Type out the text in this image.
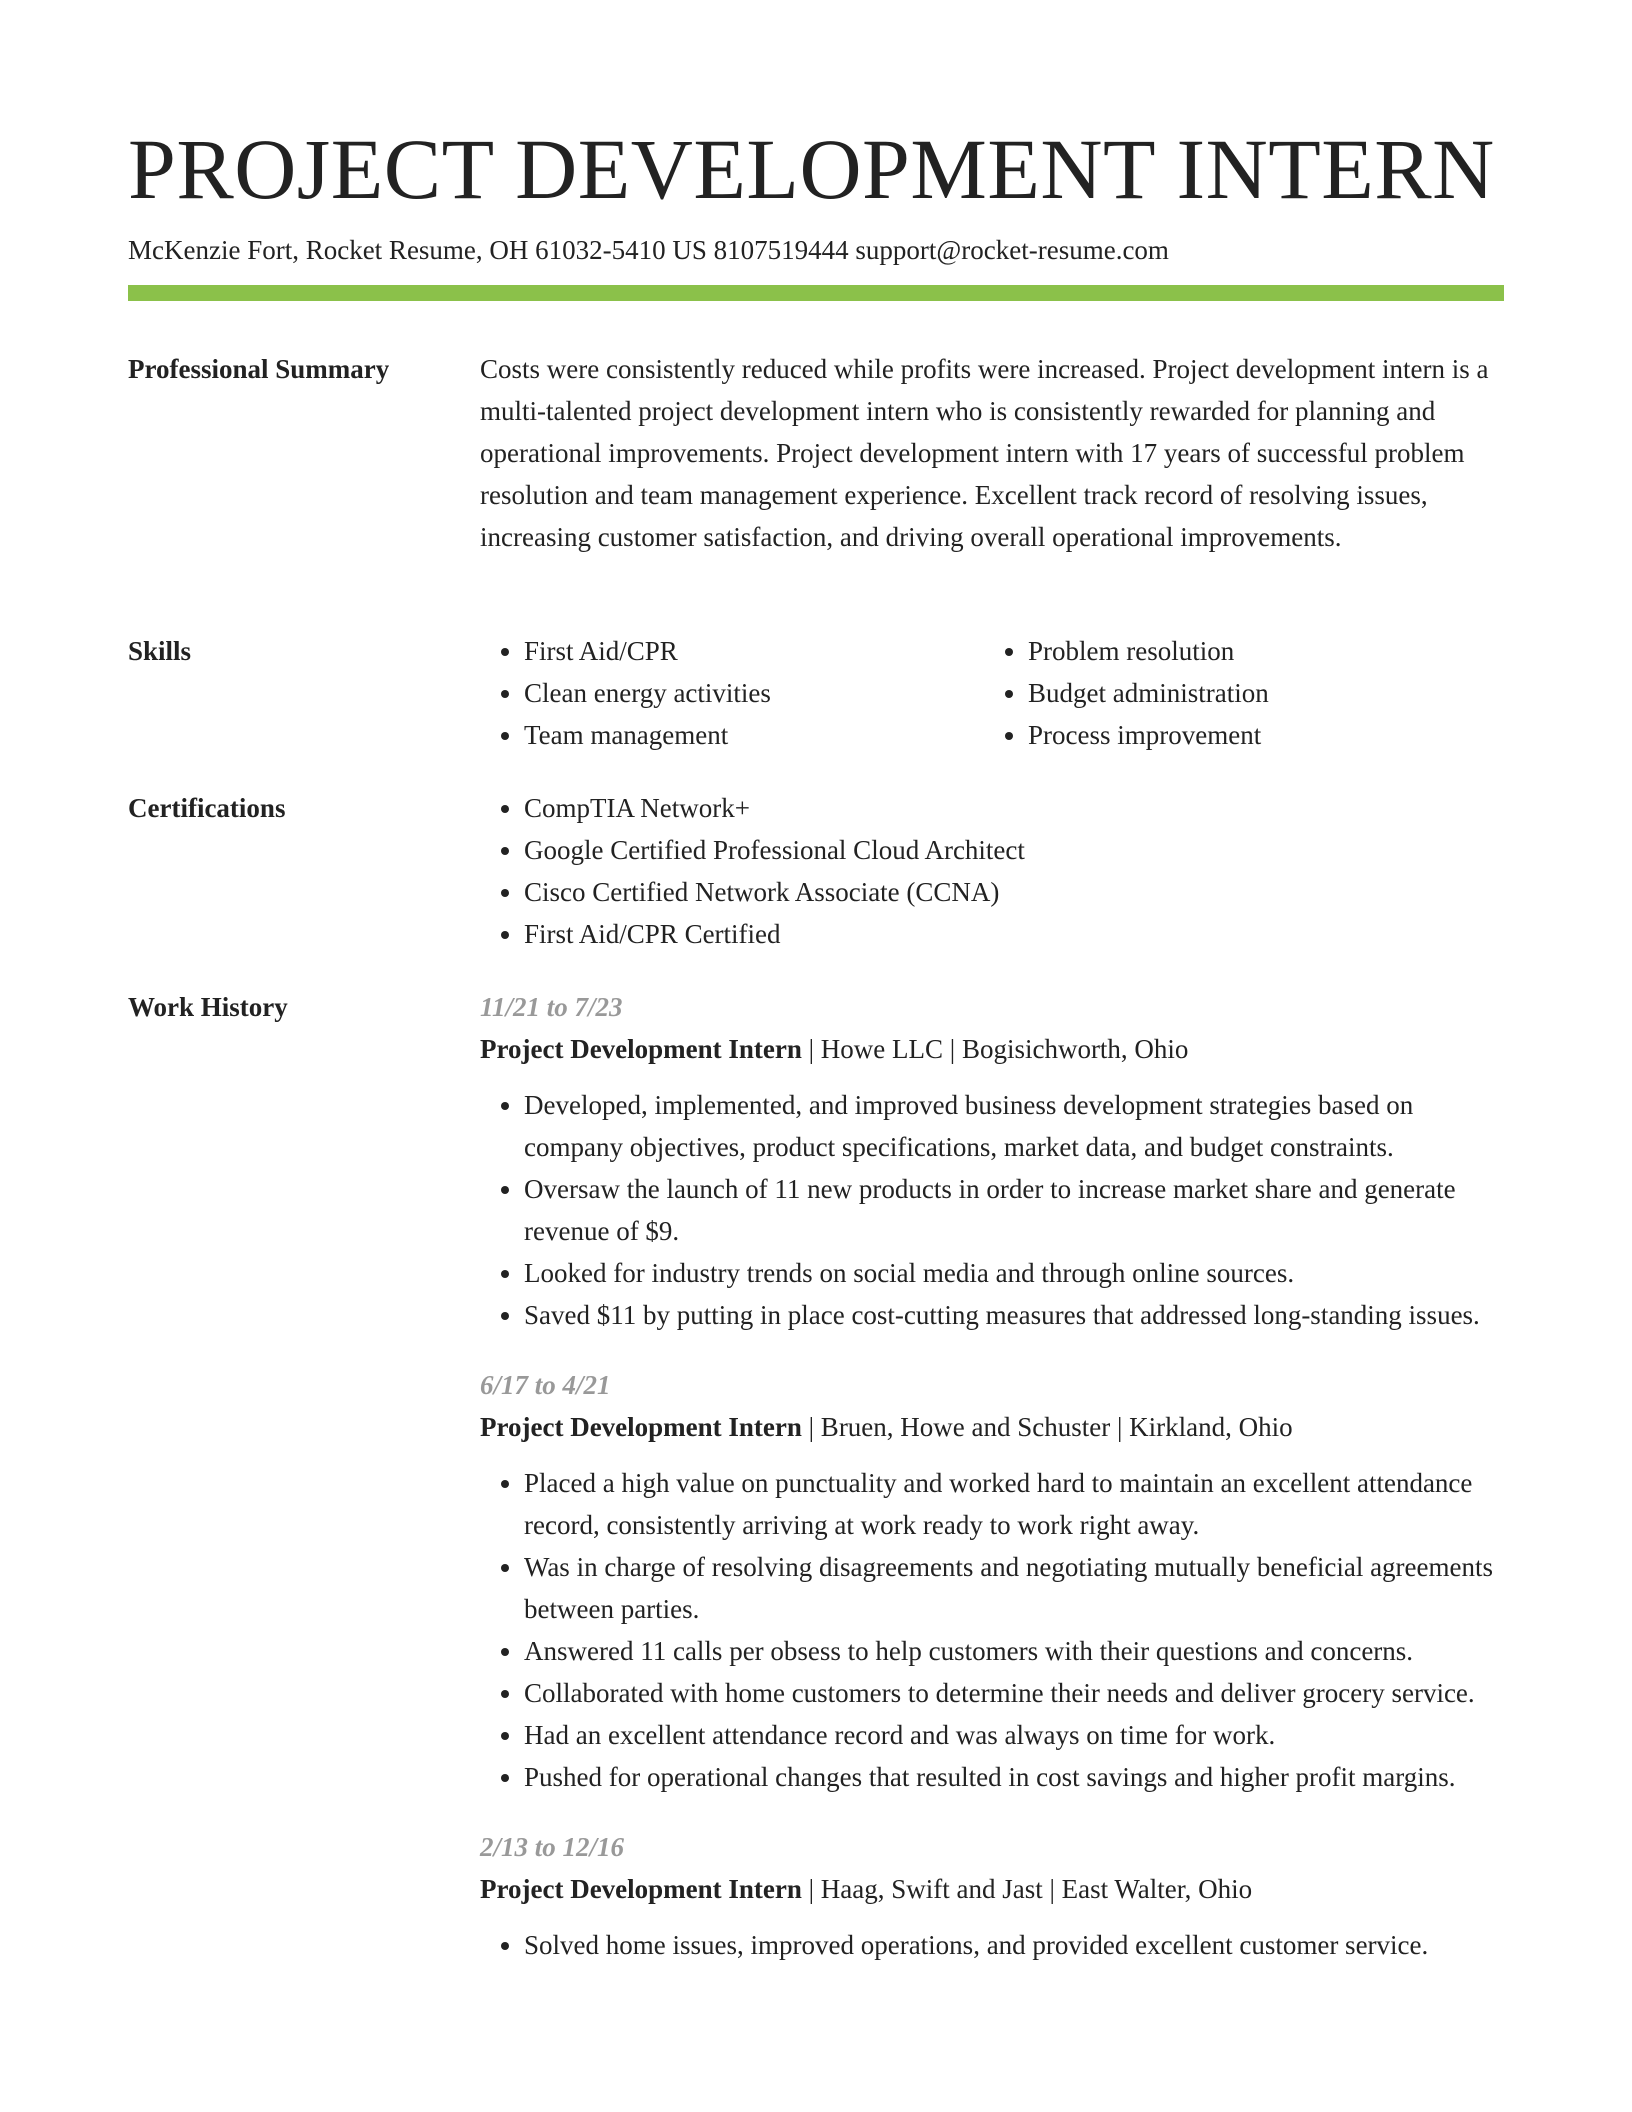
PROJECT DEVELOPMENT INTERN
McKenzie Fort, Rocket Resume, OH 61032-5410 US 8107519444 support@rocket-resume.com
Professional Summary	Costs were consistently reduced while profits were increased. Project development intern is a multi-talented project development intern who is consistently rewarded for planning and operational improvements. Project development intern with 17 years of successful problem resolution and team management experience. Excellent track record of resolving issues, increasing customer satisfaction, and driving overall operational improvements.

Skills	• First Aid/CPR
• Clean energy activities
• Team management
• Problem resolution
• Budget administration
• Process improvement
Certifications	• CompTIA Network+
• Google Certified Professional Cloud Architect
• Cisco Certified Network Associate (CCNA)
• First Aid/CPR Certified
Work History	11/21 to 7/23
Project Development Intern | Howe LLC | Bogisichworth, Ohio
• Developed, implemented, and improved business development strategies based on company objectives, product specifications, market data, and budget constraints.
• Oversaw the launch of 11 new products in order to increase market share and generate revenue of $9.
• Looked for industry trends on social media and through online sources.
• Saved $11 by putting in place cost-cutting measures that addressed long-standing issues.
6/17 to 4/21
Project Development Intern | Bruen, Howe and Schuster | Kirkland, Ohio
• Placed a high value on punctuality and worked hard to maintain an excellent attendance record, consistently arriving at work ready to work right away.
• Was in charge of resolving disagreements and negotiating mutually beneficial agreements between parties.
• Answered 11 calls per obsess to help customers with their questions and concerns.
• Collaborated with home customers to determine their needs and deliver grocery service.
• Had an excellent attendance record and was always on time for work.
• Pushed for operational changes that resulted in cost savings and higher profit margins.
2/13 to 12/16
Project Development Intern | Haag, Swift and Jast | East Walter, Ohio
• Solved home issues, improved operations, and provided excellent customer service.
